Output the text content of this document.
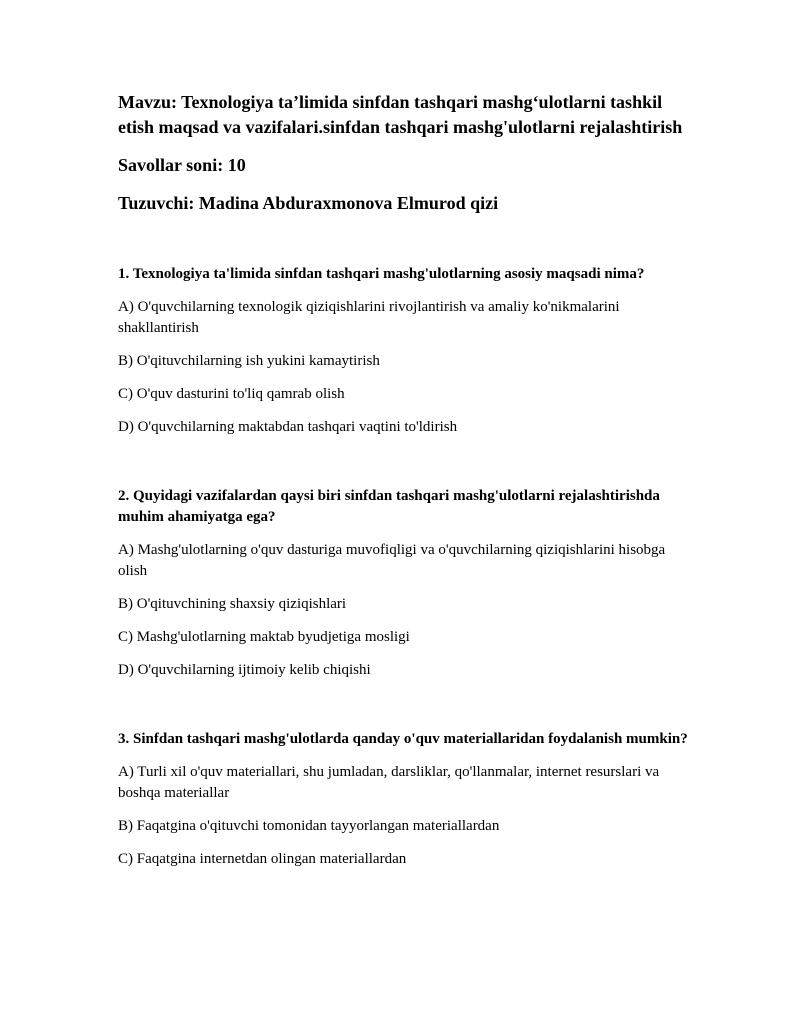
Mavzu: Texnologiya ta’limida sinfdan tashqari mashg‘ulotlarni tashkil etish maqsad va vazifalari.sinfdan tashqari mashg'ulotlarni rejalashtirish

Savollar soni: 10

Tuzuvchi: Madina Abduraxmonova Elmurod qizi

1. Texnologiya ta'limida sinfdan tashqari mashg'ulotlarning asosiy maqsadi nima?

A) O'quvchilarning texnologik qiziqishlarini rivojlantirish va amaliy ko'nikmalarini shakllantirish

B) O'qituvchilarning ish yukini kamaytirish

C) O'quv dasturini to'liq qamrab olish

D) O'quvchilarning maktabdan tashqari vaqtini to'ldirish

2. Quyidagi vazifalardan qaysi biri sinfdan tashqari mashg'ulotlarni rejalashtirishda muhim ahamiyatga ega?

A) Mashg'ulotlarning o'quv dasturiga muvofiqligi va o'quvchilarning qiziqishlarini hisobga olish

B) O'qituvchining shaxsiy qiziqishlari

C) Mashg'ulotlarning maktab byudjetiga mosligi

D) O'quvchilarning ijtimoiy kelib chiqishi

3. Sinfdan tashqari mashg'ulotlarda qanday o'quv materiallaridan foydalanish mumkin?

A) Turli xil o'quv materiallari, shu jumladan, darsliklar, qo'llanmalar, internet resurslari va boshqa materiallar

B) Faqatgina o'qituvchi tomonidan tayyorlangan materiallardan

C) Faqatgina internetdan olingan materiallardan
